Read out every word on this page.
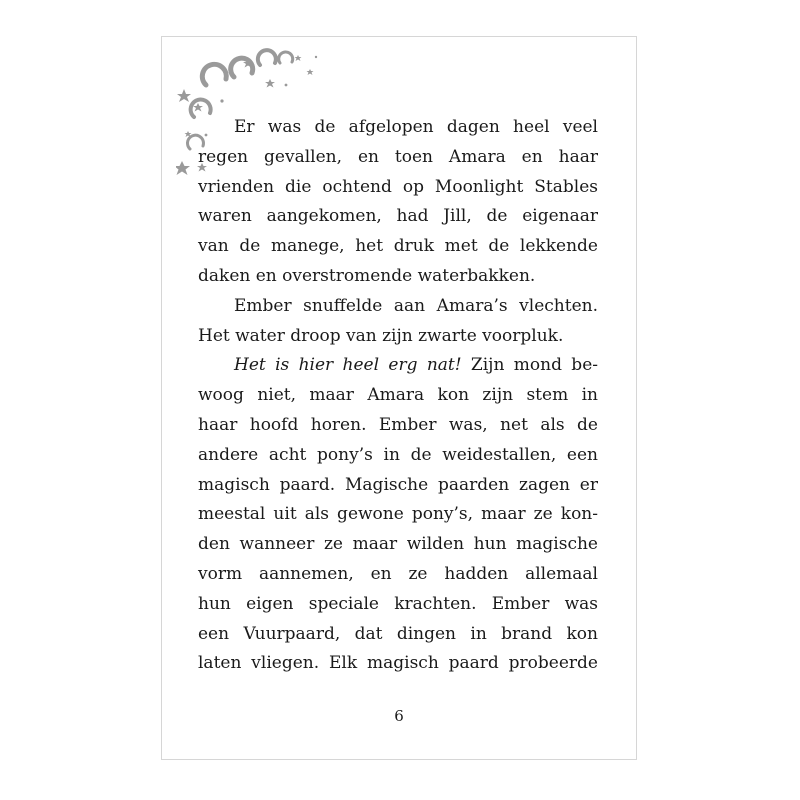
Er was de afgelopen dagen heel veel
regen gevallen, en toen Amara en haar
vrienden die ochtend op Moonlight Stables
waren aangekomen, had Jill, de eigenaar
van de manege, het druk met de lekkende
daken en overstromende waterbakken.
Ember snuffelde aan Amara’s vlechten.
Het water droop van zijn zwarte voorpluk.
Het is hier heel erg nat! Zijn mond be-
woog niet, maar Amara kon zijn stem in
haar hoofd horen. Ember was, net als de
andere acht pony’s in de weidestallen, een
magisch paard. Magische paarden zagen er
meestal uit als gewone pony’s, maar ze kon-
den wanneer ze maar wilden hun magische
vorm aannemen, en ze hadden allemaal
hun eigen speciale krachten. Ember was
een Vuurpaard, dat dingen in brand kon
laten vliegen. Elk magisch paard probeerde
6
